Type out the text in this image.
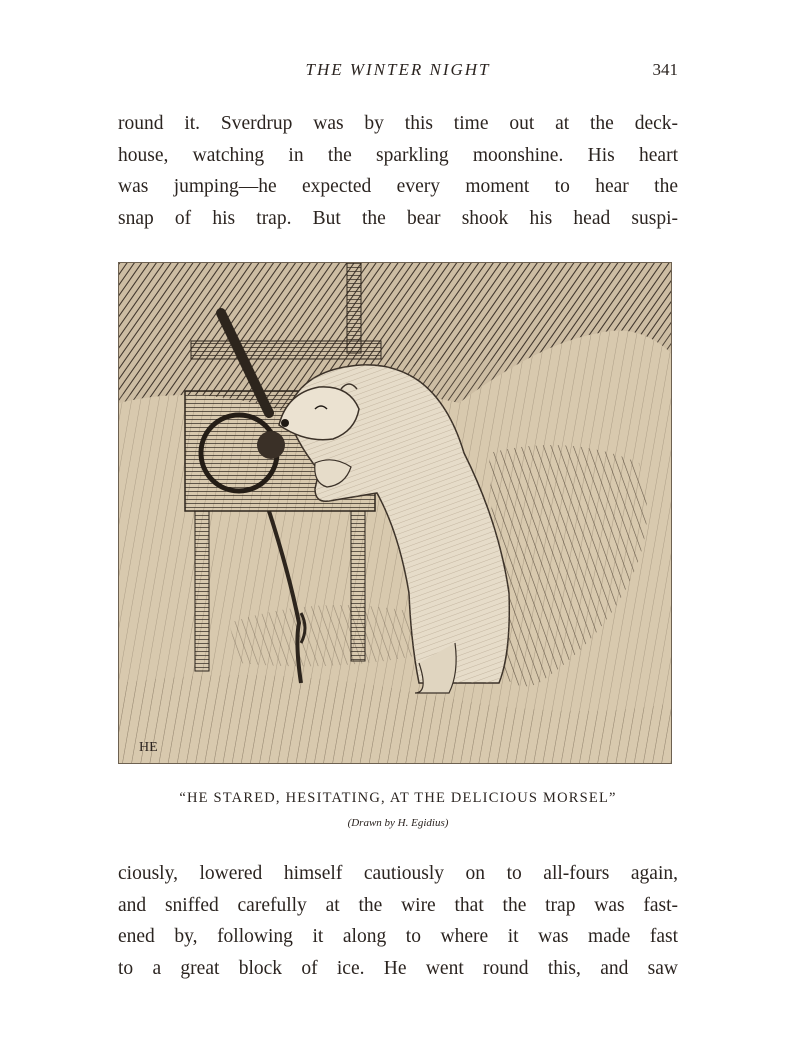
THE WINTER NIGHT	341
round it. Sverdrup was by this time out at the deck-
house, watching in the sparkling moonshine. His heart
was jumping—he expected every moment to hear the
snap of his trap. But the bear shook his head suspi-
HE
“HE STARED, HESITATING, AT THE DELICIOUS MORSEL”
(Drawn by H. Egidius)
ciously, lowered himself cautiously on to all-fours again,
and sniffed carefully at the wire that the trap was fast-
ened by, following it along to where it was made fast
to a great block of ice. He went round this, and saw
